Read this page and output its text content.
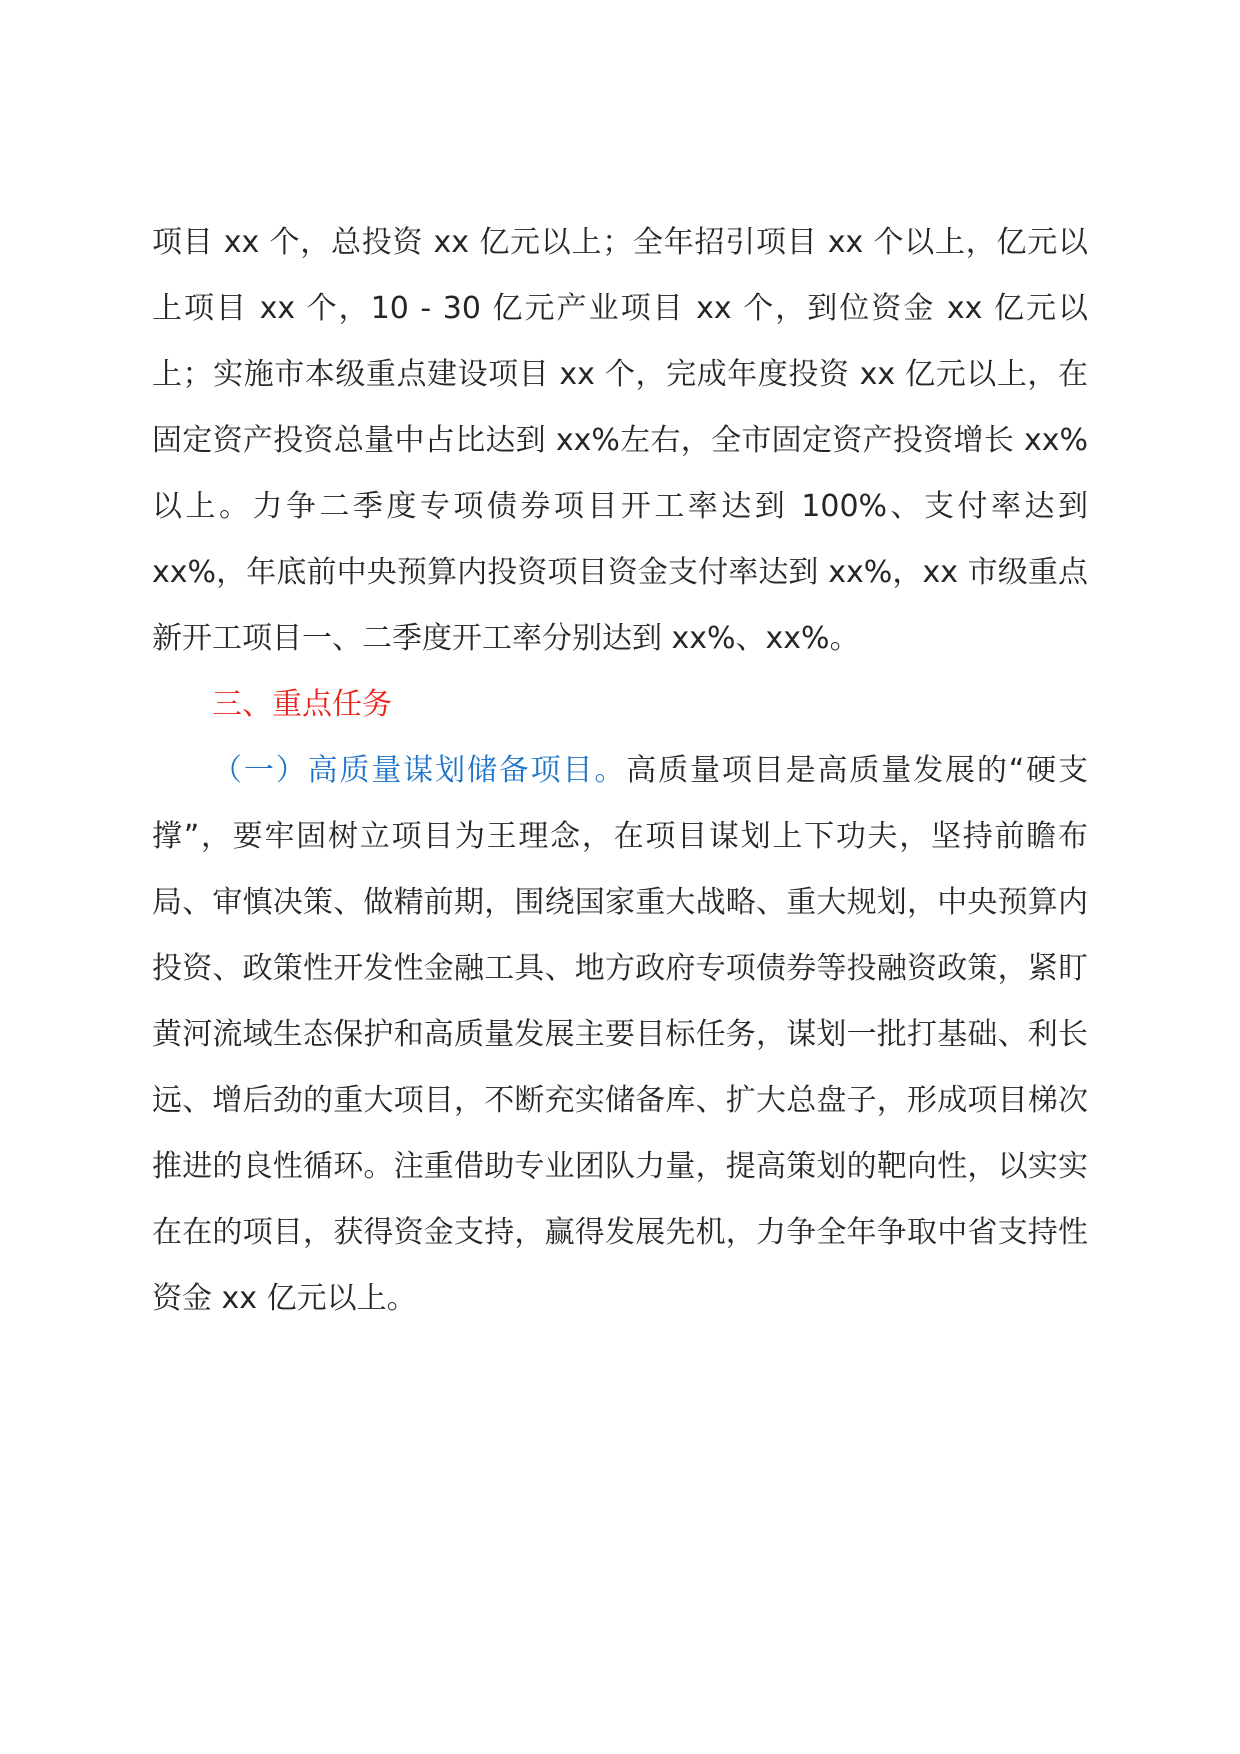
项目 xx 个，总投资 xx 亿元以上；全年招引项目 xx 个以上，亿元以上项目 xx 个，10 - 30 亿元产业项目 xx 个，到位资金 xx 亿元以上；实施市本级重点建设项目 xx 个，完成年度投资 xx 亿元以上，在固定资产投资总量中占比达到 xx%左右，全市固定资产投资增长 xx%以上。力争二季度专项债券项目开工率达到 100%、支付率达到 xx%，年底前中央预算内投资项目资金支付率达到 xx%，xx 市级重点新开工项目一、二季度开工率分别达到 xx%、xx%。

三、重点任务

（一）高质量谋划储备项目。高质量项目是高质量发展的“硬支撑”，要牢固树立项目为王理念，在项目谋划上下功夫，坚持前瞻布局、审慎决策、做精前期，围绕国家重大战略、重大规划，中央预算内投资、政策性开发性金融工具、地方政府专项债券等投融资政策，紧盯黄河流域生态保护和高质量发展主要目标任务，谋划一批打基础、利长远、增后劲的重大项目，不断充实储备库、扩大总盘子，形成项目梯次推进的良性循环。注重借助专业团队力量，提高策划的靶向性，以实实在在的项目，获得资金支持，赢得发展先机，力争全年争取中省支持性资金 xx 亿元以上。
